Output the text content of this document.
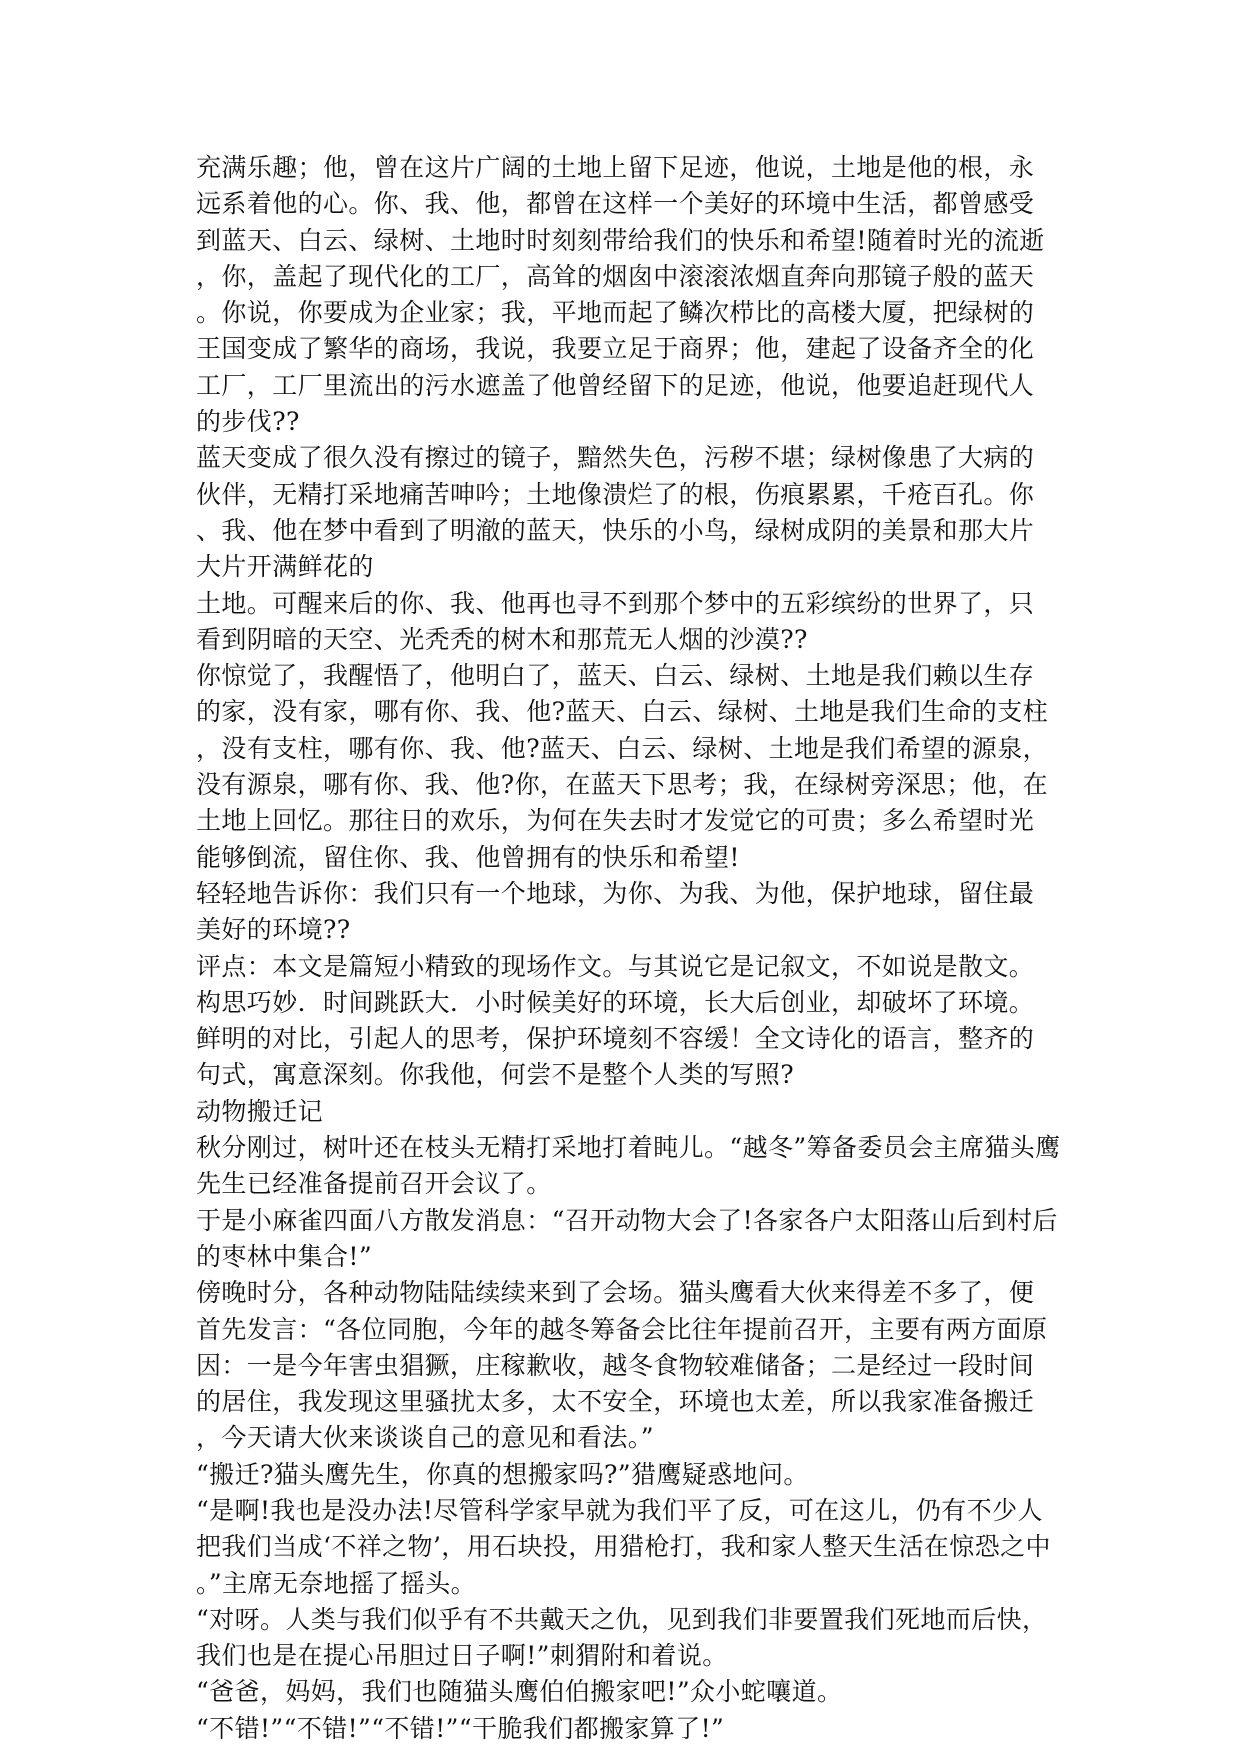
充满乐趣；他，曾在这片广阔的土地上留下足迹，他说，土地是他的根，永
远系着他的心。你、我、他，都曾在这样一个美好的环境中生活，都曾感受
到蓝天、白云、绿树、土地时时刻刻带给我们的快乐和希望!随着时光的流逝
，你，盖起了现代化的工厂，高耸的烟囱中滚滚浓烟直奔向那镜子般的蓝天
。你说，你要成为企业家；我，平地而起了鳞次栉比的高楼大厦，把绿树的
王国变成了繁华的商场，我说，我要立足于商界；他，建起了设备齐全的化
工厂，工厂里流出的污水遮盖了他曾经留下的足迹，他说，他要追赶现代人
的步伐??
蓝天变成了很久没有擦过的镜子，黯然失色，污秽不堪；绿树像患了大病的
伙伴，无精打采地痛苦呻吟；土地像溃烂了的根，伤痕累累，千疮百孔。你
、我、他在梦中看到了明澈的蓝天，快乐的小鸟，绿树成阴的美景和那大片
大片开满鲜花的
土地。可醒来后的你、我、他再也寻不到那个梦中的五彩缤纷的世界了，只
看到阴暗的天空、光秃秃的树木和那荒无人烟的沙漠??
你惊觉了，我醒悟了，他明白了，蓝天、白云、绿树、土地是我们赖以生存
的家，没有家，哪有你、我、他?蓝天、白云、绿树、土地是我们生命的支柱
，没有支柱，哪有你、我、他?蓝天、白云、绿树、土地是我们希望的源泉，
没有源泉，哪有你、我、他?你，在蓝天下思考；我，在绿树旁深思；他，在
土地上回忆。那往日的欢乐，为何在失去时才发觉它的可贵；多么希望时光
能够倒流，留住你、我、他曾拥有的快乐和希望!
轻轻地告诉你：我们只有一个地球，为你、为我、为他，保护地球，留住最
美好的环境??
评点：本文是篇短小精致的现场作文。与其说它是记叙文，不如说是散文。
构思巧妙．时间跳跃大．小时候美好的环境，长大后创业，却破坏了环境。
鲜明的对比，引起人的思考，保护环境刻不容缓！全文诗化的语言，整齐的
句式，寓意深刻。你我他，何尝不是整个人类的写照?
动物搬迁记
秋分刚过，树叶还在枝头无精打采地打着盹儿。“越冬”筹备委员会主席猫头鹰
先生已经准备提前召开会议了。
于是小麻雀四面八方散发消息：“召开动物大会了!各家各户太阳落山后到村后
的枣林中集合!”
傍晚时分，各种动物陆陆续续来到了会场。猫头鹰看大伙来得差不多了，便
首先发言：“各位同胞，今年的越冬筹备会比往年提前召开，主要有两方面原
因：一是今年害虫猖獗，庄稼歉收，越冬食物较难储备；二是经过一段时间
的居住，我发现这里骚扰太多，太不安全，环境也太差，所以我家准备搬迁
，今天请大伙来谈谈自己的意见和看法。”
“搬迁?猫头鹰先生，你真的想搬家吗?”猎鹰疑惑地问。
“是啊!我也是没办法!尽管科学家早就为我们平了反，可在这儿，仍有不少人
把我们当成‘不祥之物’，用石块投，用猎枪打，我和家人整天生活在惊恐之中
。”主席无奈地摇了摇头。
“对呀。人类与我们似乎有不共戴天之仇，见到我们非要置我们死地而后快，
我们也是在提心吊胆过日子啊!”刺猬附和着说。
“爸爸，妈妈，我们也随猫头鹰伯伯搬家吧!”众小蛇嚷道。
“不错!”“不错!”“不错!”“干脆我们都搬家算了!”
